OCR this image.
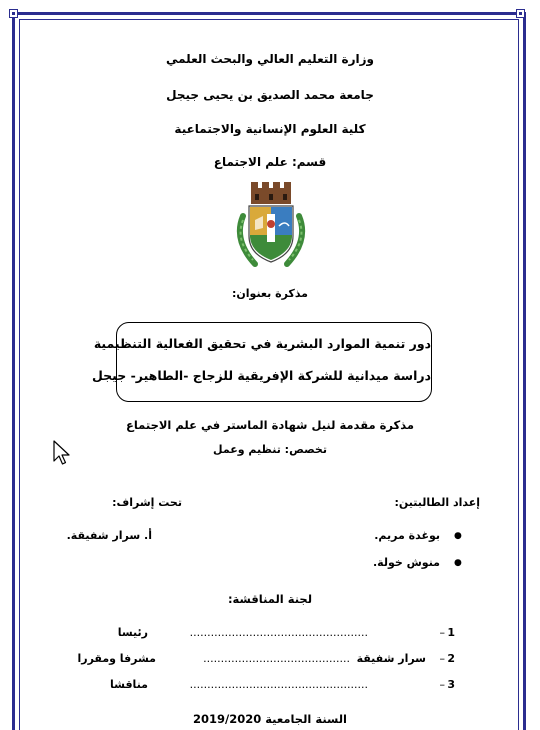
وزارة التعليم العالي والبحث العلمي
جامعة محمد الصديق بن يحيى جيجل
كلية العلوم الإنسانية والاجتماعية
قسم: علم الاجتماع
مذكرة بعنوان:
دور تنمية الموارد البشرية في تحقيق الفعالية التنظيمية
دراسة ميدانية للشركة الإفريقية للزجاج -الطاهير- جيجل
مذكرة مقدمة لنيل شهادة الماستر في علم الاجتماع
تخصص: تنظيم وعمل
إعداد الطالبتين:
تحت إشراف:
●
بوغدة مريم.
أ. سرار شفيقة.
●
منوش خولة.
لجنة المناقشة:
1
–
...................................................
رئيسا
2
–
سرار شفيقة
..........................................
مشرفا ومقررا
3
–
...................................................
مناقشا
السنة الجامعية 2019/2020
